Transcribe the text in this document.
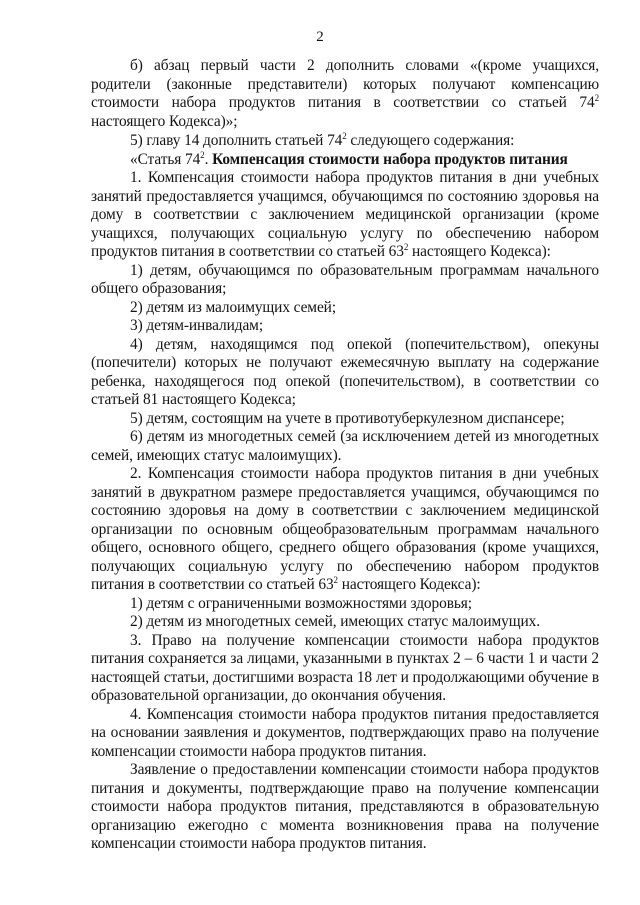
2

б) абзац первый части 2 дополнить словами «(кроме учащихся, родители (законные представители) которых получают компенсацию стоимости набора продуктов питания в соответствии со статьей $74^2$ настоящего Кодекса)»;

5) главу 14 дополнить статьей $74^2$ следующего содержания:

«Статья $74^2$. Компенсация стоимости набора продуктов питания

1. Компенсация стоимости набора продуктов питания в дни учебных занятий предоставляется учащимся, обучающимся по состоянию здоровья на дому в соответствии с заключением медицинской организации (кроме учащихся, получающих социальную услугу по обеспечению набором продуктов питания в соответствии со статьей $63^2$ настоящего Кодекса):

1) детям, обучающимся по образовательным программам начального общего образования;

2) детям из малоимущих семей;

3) детям-инвалидам;

4) детям, находящимся под опекой (попечительством), опекуны (попечители) которых не получают ежемесячную выплату на содержание ребенка, находящегося под опекой (попечительством), в соответствии со статьей 81 настоящего Кодекса;

5) детям, состоящим на учете в противотуберкулезном диспансере;

6) детям из многодетных семей (за исключением детей из многодетных семей, имеющих статус малоимущих).

2. Компенсация стоимости набора продуктов питания в дни учебных занятий в двукратном размере предоставляется учащимся, обучающимся по состоянию здоровья на дому в соответствии с заключением медицинской организации по основным общеобразовательным программам начального общего, основного общего, среднего общего образования (кроме учащихся, получающих социальную услугу по обеспечению набором продуктов питания в соответствии со статьей $63^2$ настоящего Кодекса):

1) детям с ограниченными возможностями здоровья;

2) детям из многодетных семей, имеющих статус малоимущих.

3. Право на получение компенсации стоимости набора продуктов питания сохраняется за лицами, указанными в пунктах 2 – 6 части 1 и части 2 настоящей статьи, достигшими возраста 18 лет и продолжающими обучение в образовательной организации, до окончания обучения.

4. Компенсация стоимости набора продуктов питания предоставляется на основании заявления и документов, подтверждающих право на получение компенсации стоимости набора продуктов питания.

Заявление о предоставлении компенсации стоимости набора продуктов питания и документы, подтверждающие право на получение компенсации стоимости набора продуктов питания, представляются в образовательную организацию ежегодно с момента возникновения права на получение компенсации стоимости набора продуктов питания.
